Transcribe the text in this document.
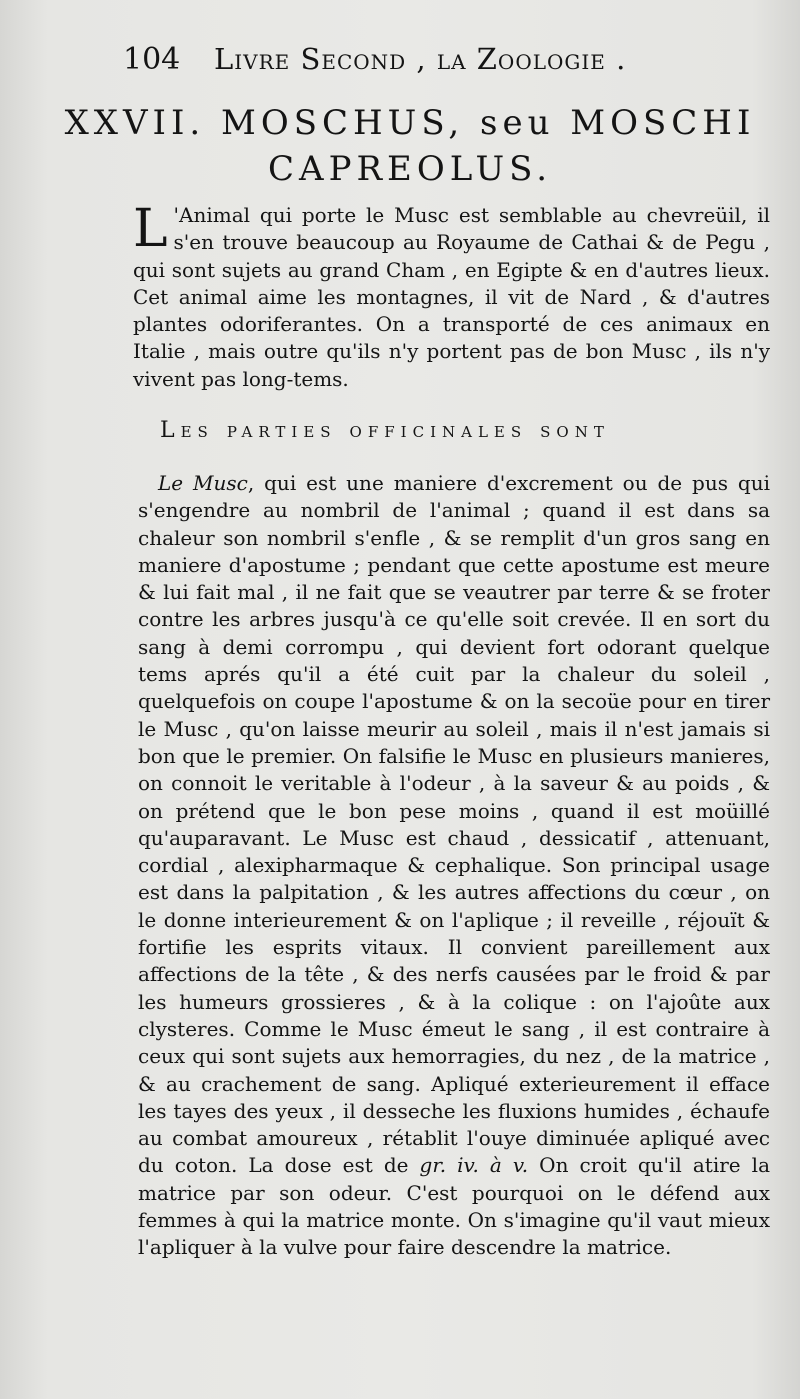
104 Livre Second , la Zoologie .
XXVII. MOSCHUS, seu MOSCHI
CAPREOLUS.

L 'Animal qui porte le Musc est semblable au chevreüil, il s'en trouve beaucoup au Royaume de Cathai & de Pegu , qui sont sujets au grand Cham , en Egipte & en d'autres lieux. Cet animal aime les montagnes, il vit de Nard , & d'autres plantes odoriferantes. On a transporté de ces animaux en Italie , mais outre qu'ils n'y portent pas de bon Musc , ils n'y vivent pas long-tems.

Les parties officinales sont

Le Musc, qui est une maniere d'excrement ou de pus qui s'engendre au nombril de l'animal ; quand il est dans sa chaleur son nombril s'enfle , & se remplit d'un gros sang en maniere d'apostume ; pendant que cette apostume est meure & lui fait mal , il ne fait que se veautrer par terre & se froter contre les arbres jusqu'à ce qu'elle soit crevée. Il en sort du sang à demi corrompu , qui devient fort odorant quelque tems aprés qu'il a été cuit par la chaleur du soleil , quelquefois on coupe l'apostume & on la secoüe pour en tirer le Musc , qu'on laisse meurir au soleil , mais il n'est jamais si bon que le premier. On falsifie le Musc en plusieurs manieres, on connoit le veritable à l'odeur , à la saveur & au poids , & on prétend que le bon pese moins , quand il est moüillé qu'auparavant. Le Musc est chaud , dessicatif , attenuant, cordial , alexipharmaque & cephalique. Son principal usage est dans la palpitation , & les autres affections du cœur , on le donne interieurement & on l'aplique ; il reveille , réjouït & fortifie les esprits vitaux. Il convient pareillement aux affections de la tête , & des nerfs causées par le froid & par les humeurs grossieres , & à la colique : on l'ajoûte aux clysteres. Comme le Musc émeut le sang , il est contraire à ceux qui sont sujets aux hemorragies, du nez , de la matrice , & au crachement de sang. Apliqué exterieurement il efface les tayes des yeux , il desseche les fluxions humides , échaufe au combat amoureux , rétablit l'ouye diminuée apliqué avec du coton. La dose est de gr. iv. à v. On croit qu'il atire la matrice par son odeur. C'est pourquoi on le défend aux femmes à qui la matrice monte. On s'imagine qu'il vaut mieux l'apliquer à la vulve pour faire descendre la matrice.
